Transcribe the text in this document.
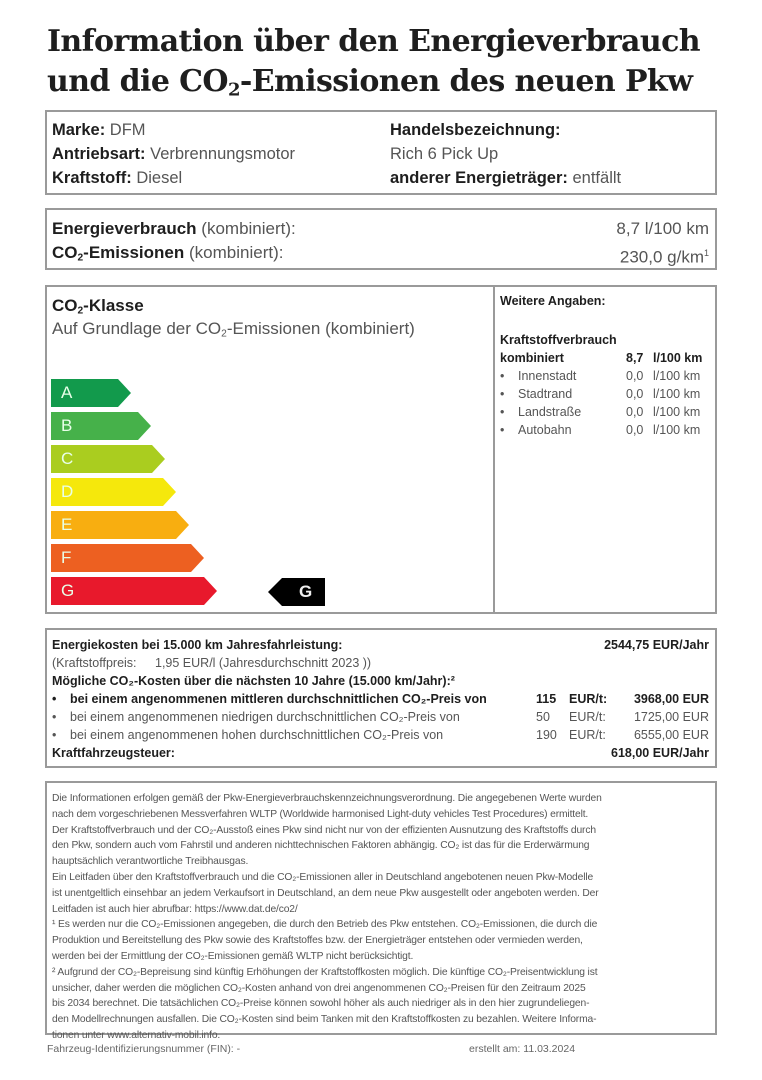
Information über den Energieverbrauch
und die CO2-Emissionen des neuen Pkw
Marke: DFM
Antriebsart: Verbrennungsmotor
Kraftstoff: Diesel
Handelsbezeichnung:
Rich 6 Pick Up
anderer Energieträger: entfällt
Energieverbrauch (kombiniert):	8,7 l/100 km
CO2-Emissionen (kombiniert):	230,0 $g/km^1$
CO2-Klasse
Auf Grundlage der CO2-Emissionen (kombiniert)
A
B
C
D
E
F
G	G
Weitere Angaben:
Kraftstoffverbrauch
kombiniert	8,7 l/100 km
• Innenstadt	0,0 l/100 km
• Stadtrand	0,0 l/100 km
• Landstraße	0,0 l/100 km
• Autobahn	0,0 l/100 km
Energiekosten bei 15.000 km Jahresfahrleistung:	2544,75 EUR/Jahr
(Kraftstoffpreis: 1,95 EUR/l (Jahresdurchschnitt 2023 ))
Mögliche CO₂-Kosten über die nächsten 10 Jahre (15.000 km/Jahr):²
• bei einem angenommenen mittleren durchschnittlichen CO₂-Preis von	115 EUR/t: 3968,00 EUR
• bei einem angenommenen niedrigen durchschnittlichen CO₂-Preis von	50 EUR/t: 1725,00 EUR
• bei einem angenommenen hohen durchschnittlichen CO₂-Preis von	190 EUR/t: 6555,00 EUR
Kraftfahrzeugsteuer:	618,00 EUR/Jahr

Die Informationen erfolgen gemäß der Pkw-Energieverbrauchskennzeichnungsverordnung. Die angegebenen Werte wurden

nach dem vorgeschriebenen Messverfahren WLTP (Worldwide harmonised Light-duty vehicles Test Procedures) ermittelt.

Der Kraftstoffverbrauch und der CO₂-Ausstoß eines Pkw sind nicht nur von der effizienten Ausnutzung des Kraftstoffs durch

den Pkw, sondern auch vom Fahrstil und anderen nichttechnischen Faktoren abhängig. CO₂ ist das für die Erderwärmung

hauptsächlich verantwortliche Treibhausgas.

Ein Leitfaden über den Kraftstoffverbrauch und die CO₂-Emissionen aller in Deutschland angebotenen neuen Pkw-Modelle

ist unentgeltlich einsehbar an jedem Verkaufsort in Deutschland, an dem neue Pkw ausgestellt oder angeboten werden. Der

Leitfaden ist auch hier abrufbar: https://www.dat.de/co2/

¹ Es werden nur die CO₂-Emissionen angegeben, die durch den Betrieb des Pkw entstehen. CO₂-Emissionen, die durch die

Produktion und Bereitstellung des Pkw sowie des Kraftstoffes bzw. der Energieträger entstehen oder vermieden werden,

werden bei der Ermittlung der CO₂-Emissionen gemäß WLTP nicht berücksichtigt.

² Aufgrund der CO₂-Bepreisung sind künftig Erhöhungen der Kraftstoffkosten möglich. Die künftige CO₂-Preisentwicklung ist

unsicher, daher werden die möglichen CO₂-Kosten anhand von drei angenommenen CO₂-Preisen für den Zeitraum 2025

bis 2034 berechnet. Die tatsächlichen CO₂-Preise können sowohl höher als auch niedriger als in den hier zugrundeliegen-

den Modellrechnungen ausfallen. Die CO₂-Kosten sind beim Tanken mit den Kraftstoffkosten zu bezahlen. Weitere Informa-

tionen unter www.alternativ-mobil.info.

Fahrzeug-Identifizierungsnummer (FIN): -	erstellt am: 11.03.2024
